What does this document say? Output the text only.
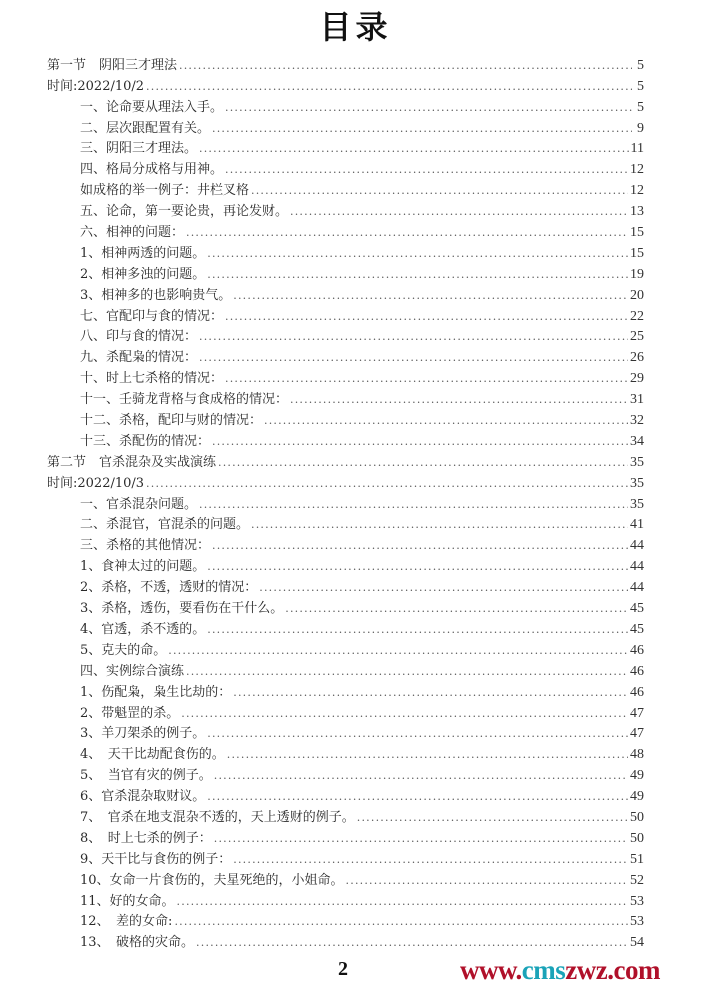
目录
第一节　阴阳三才理法 .....	5
时间:2022/10/2 .....	5
一、论命要从理法入手。 .....	5
二、层次跟配置有关。 .....	9
三、阴阳三才理法。 .....	11
四、格局分成格与用神。 .....	12
如成格的举一例子：井栏叉格 .....	12
五、论命，第一要论贵，再论发财。 .....	13
六、相神的问题： .....	15
1、相神两透的问题。 .....	15
2、相神多浊的问题。 .....	19
3、相神多的也影响贵气。 .....	20
七、官配印与食的情况： .....	22
八、印与食的情况： .....	25
九、杀配枭的情况： .....	26
十、时上七杀格的情况： .....	29
十一、壬骑龙背格与食成格的情况： .....	31
十二、杀格，配印与财的情况： .....	32
十三、杀配伤的情况： .....	34
第二节　官杀混杂及实战演练 .....	35
时间:2022/10/3 .....	35
一、官杀混杂问题。 .....	35
二、杀混官，官混杀的问题。 .....	41
三、杀格的其他情况： .....	44
1、食神太过的问题。 .....	44
2、杀格，不透，透财的情况： .....	44
3、杀格，透伤，要看伤在干什么。 .....	45
4、官透，杀不透的。 .....	45
5、克夫的命。 .....	46
四、实例综合演练 .....	46
1、伤配枭，枭生比劫的： .....	46
2、带魁罡的杀。 .....	47
3、羊刀架杀的例子。 .....	47
4、　天干比劫配食伤的。 .....	48
5、　当官有灾的例子。 .....	49
6、官杀混杂取财议。 .....	49
7、　官杀在地支混杂不透的，天上透财的例子。 .....	50
8、　时上七杀的例子： .....	50
9、天干比与食伤的例子： .....	51
10、女命一片食伤的，夫星死绝的，小姐命。 .....	52
11、好的女命。 .....	53
12、　差的女命: .....	53
13、　破格的灾命。 .....	54
2	www.cmszwz.com
